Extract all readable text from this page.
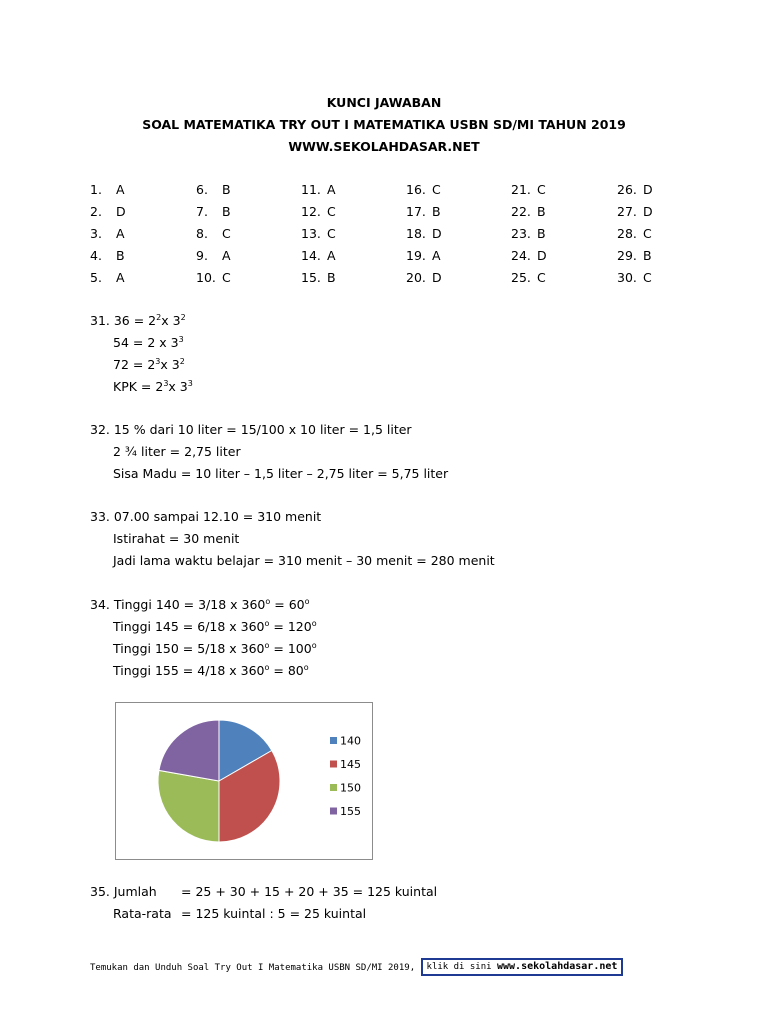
KUNCI JAWABAN
SOAL MATEMATIKA TRY OUT I MATEMATIKA USBN SD/MI TAHUN 2019
WWW.SEKOLAHDASAR.NET
1. A	6. B	11. A	16. C	21. C	26. D
2. D	7. B	12. C	17. B	22. B	27. D
3. A	8. C	13. C	18. D	23. B	28. C
4. B	9. A	14. A	19. A	24. D	29. B
5. A	10. C	15. B	20. D	25. C	30. C
31. $36 = 2^2x$ $3^2$
54 = 2 x $3^3$
$72 = 2^3x$ $3^2$
KPK = $2^3x$ $3^3$
32. 15 % dari 10 liter = 15/100 x 10 liter = 1,5 liter
2 ¾ liter = 2,75 liter
Sisa Madu = 10 liter – 1,5 liter – 2,75 liter = 5,75 liter
33. 07.00 sampai 12.10 = 310 menit
Istirahat = 30 menit
Jadi lama waktu belajar = 310 menit – 30 menit = 280 menit
34. Tinggi 140 = 3/18 x $360^o = 60^o$
Tinggi 145 = 6/18 x $360^o = 120^o$
Tinggi 150 = 5/18 x $360^o = 100^o$
Tinggi 155 = 4/18 x $360^o = 80^o$
140
145
150
155
35. Jumlah = 25 + 30 + 15 + 20 + 35 = 125 kuintal
Rata-rata = 125 kuintal : 5 = 25 kuintal
Temukan dan Unduh Soal Try Out I Matematika USBN SD/MI 2019, klik di sini www.sekolahdasar.net
